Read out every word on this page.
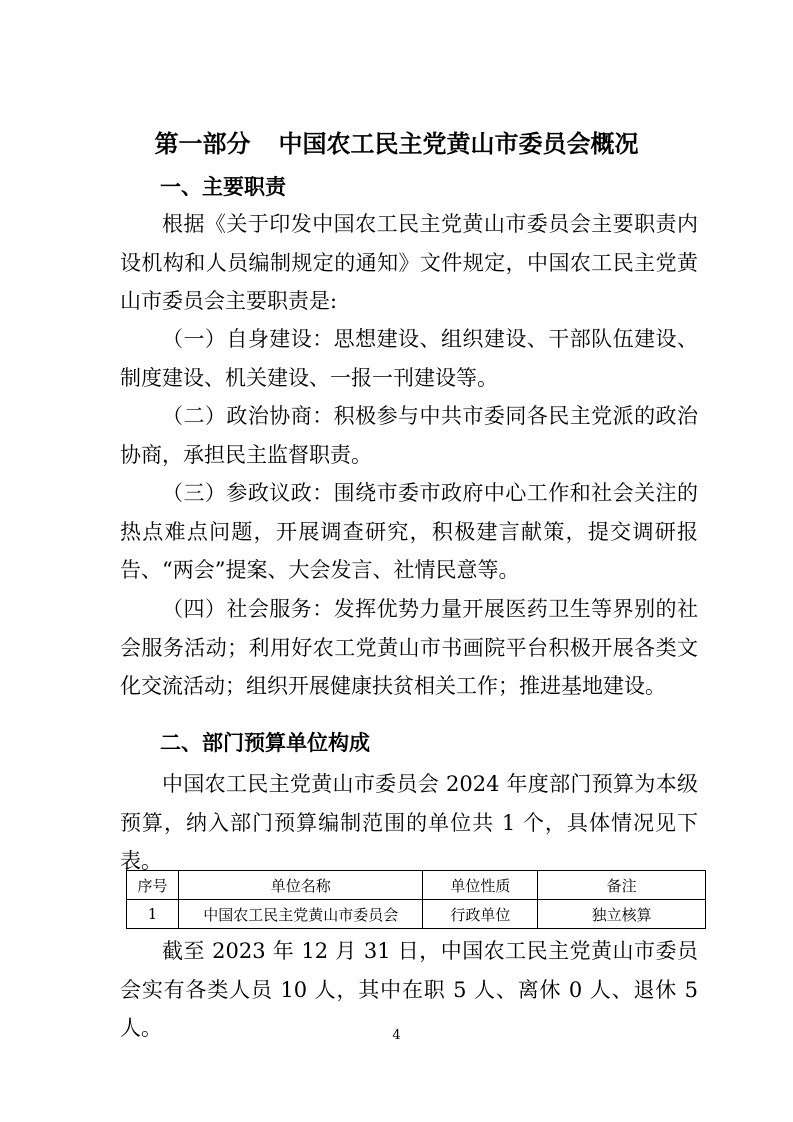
第一部分 中国农工民主党黄山市委员会概况
一、主要职责

根据《关于印发中国农工民主党黄山市委员会主要职责内设机构和人员编制规定的通知》文件规定，中国农工民主党黄山市委员会主要职责是:

（一）自身建设：思想建设、组织建设、干部队伍建设、制度建设、机关建设、一报一刊建设等。

（二）政治协商：积极参与中共市委同各民主党派的政治协商，承担民主监督职责。

（三）参政议政：围绕市委市政府中心工作和社会关注的热点难点问题，开展调查研究，积极建言献策，提交调研报告、“两会”提案、大会发言、社情民意等。

（四）社会服务：发挥优势力量开展医药卫生等界别的社会服务活动；利用好农工党黄山市书画院平台积极开展各类文化交流活动；组织开展健康扶贫相关工作；推进基地建设。

二、部门预算单位构成

中国农工民主党黄山市委员会 2024 年度部门预算为本级预算，纳入部门预算编制范围的单位共 1 个，具体情况见下表。

序号	单位名称	单位性质	备注
1	中国农工民主党黄山市委员会	行政单位	独立核算

截至 2023 年 12 月 31 日，中国农工民主党黄山市委员会实有各类人员 10 人，其中在职 5 人、离休 0 人、退休 5 人。	4
